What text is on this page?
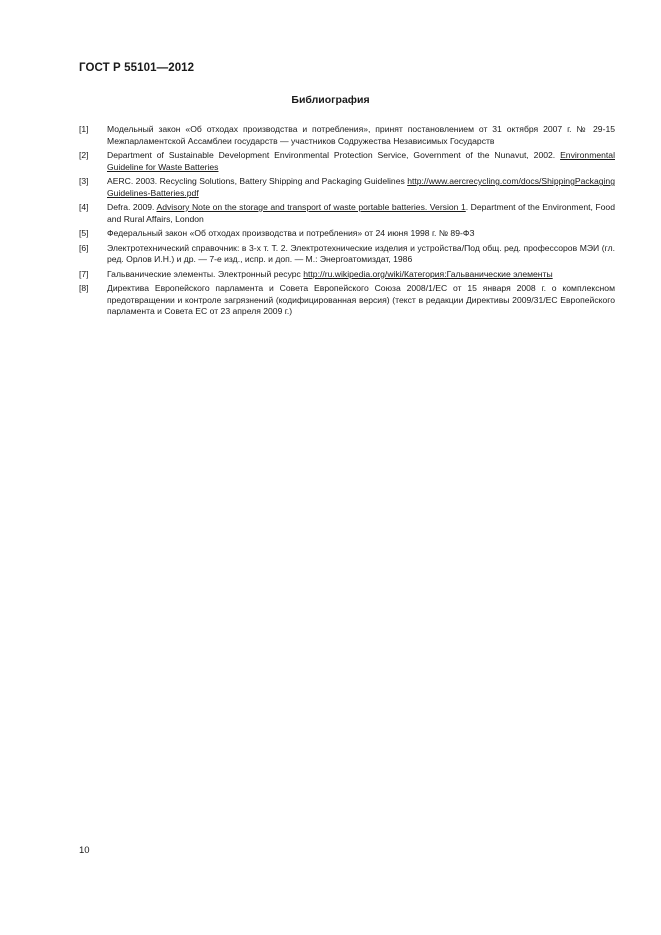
ГОСТ Р 55101—2012
Библиография
[1]	Модельный закон «Об отходах производства и потребления», принят постановлением от 31 октября 2007 г. № 29-15 Межпарламентской Ассамблеи государств — участников Содружества Независимых Государств
[2]	Department of Sustainable Development Environmental Protection Service, Government of the Nunavut, 2002. Environmental Guideline for Waste Batteries
[3]	AERC. 2003. Recycling Solutions, Battery Shipping and Packaging Guidelines http://www.aercrecycling.com/docs/ShippingPackagingGuidelines-Batteries.pdf
[4]	Defra. 2009. Advisory Note on the storage and transport of waste portable batteries. Version 1. Department of the Environment, Food and Rural Affairs, London
[5]	Федеральный закон «Об отходах производства и потребления» от 24 июня 1998 г. № 89-ФЗ
[6]	Электротехнический справочник: в 3-х т. Т. 2. Электротехнические изделия и устройства/Под общ. ред. профессоров МЭИ (гл. ред. Орлов И.Н.) и др. — 7-е изд., испр. и доп. — М.: Энергоатомиздат, 1986
[7]	Гальванические элементы. Электронный ресурс http://ru.wikipedia.org/wiki/Категория:Гальванические элементы
[8]	Директива Европейского парламента и Совета Европейского Союза 2008/1/ЕС от 15 января 2008 г. о комплексном предотвращении и контроле загрязнений (кодифицированная версия) (текст в редакции Директивы 2009/31/ЕС Европейского парламента и Совета ЕС от 23 апреля 2009 г.)
10
